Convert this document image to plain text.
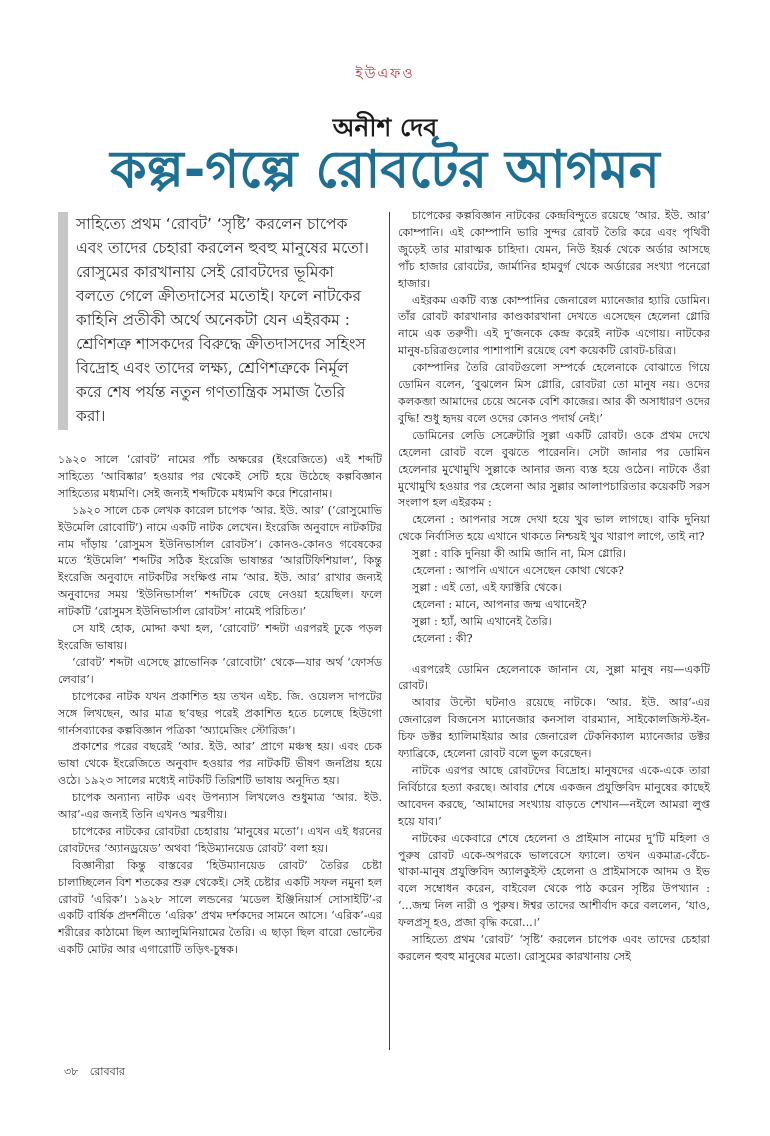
ইউএফও
অনীশ দেব
কল্প-গল্পে রোবটের আগমন

সাহিত্যে প্রথম ‘রোবট’ ‘সৃষ্টি’ করলেন চাপেক এবং তাদের চেহারা করলেন হুবহু মানুষের মতো। রোসুমের কারখানায় সেই রোবটদের ভূমিকা বলতে গেলে ক্রীতদাসের মতোই। ফলে নাটকের কাহিনি প্রতীকী অর্থে অনেকটা যেন এইরকম : শ্রেণিশত্রু শাসকদের বিরুদ্ধে ক্রীতদাসদের সহিংস বিদ্রোহ এবং তাদের লক্ষ্য, শ্রেণিশত্রুকে নির্মূল করে শেষ পর্যন্ত নতুন গণতান্ত্রিক সমাজ তৈরি করা।

১৯২০ সালে ‘রোবট’ নামের পাঁচ অক্ষরের (ইংরেজিতে) এই শব্দটি সাহিত্যে ‘আবিষ্কার’ হওয়ার পর থেকেই সেটি হয়ে উঠেছে কল্পবিজ্ঞান সাহিত্যের মধ্যমণি। সেই জন্যই শব্দটিকে মধ্যমণি করে শিরোনাম।

১৯২০ সালে চেক লেখক কারেল চাপেক ‘আর. ইউ. আর’ (‘রোসুমোভি ইউমেলি রোবোটি’) নামে একটি নাটক লেখেন। ইংরেজি অনুবাদে নাটকটির নাম দাঁড়ায় ‘রোসুমস ইউনিভার্সাল রোবটস’। কোনও-কোনও গবেষকের মতে ‘ইউমেলি’ শব্দটির সঠিক ইংরেজি ভাষান্তর ‘আরটিফিশিয়াল’, কিন্তু ইংরেজি অনুবাদে নাটকটির সংক্ষিপ্ত নাম ‘আর. ইউ. আর’ রাখার জন্যই অনুবাদের সময় ‘ইউনিভার্সাল’ শব্দটিকে বেছে নেওয়া হয়েছিল। ফলে নাটকটি ‘রোসুমস ইউনিভার্সাল রোবটস’ নামেই পরিচিত।’

সে যাই হোক, মোদ্দা কথা হল, ‘রোবোট’ শব্দটা এরপরই ঢুকে পড়ল ইংরেজি ভাষায়।

‘রোবট’ শব্দটা এসেছে স্লাভোনিক ‘রোবোটা’ থেকে—যার অর্থ ‘ফোর্সড লেবার’।

চাপেকের নাটক যখন প্রকাশিত হয় তখন এইচ. জি. ওয়েলস দাপটের সঙ্গে লিখছেন, আর মাত্র ছ’বছর পরেই প্রকাশিত হতে চলেছে হিউগো গার্নসব্যাকের কল্পবিজ্ঞান পত্রিকা ‘অ্যামেজিং স্টোরিজ’।

প্রকাশের পরের বছরেই ‘আর. ইউ. আর’ প্রাগে মঞ্চস্থ হয়। এবং চেক ভাষা থেকে ইংরেজিতে অনুবাদ হওয়ার পর নাটকটি ভীষণ জনপ্রিয় হয়ে ওঠে। ১৯২৩ সালের মধ্যেই নাটকটি তিরিশটি ভাষায় অনূদিত হয়।

চাপেক অন্যান্য নাটক এবং উপন্যাস লিখলেও শুধুমাত্র ‘আর. ইউ. আর’-এর জন্যই তিনি এখনও স্মরণীয়।

চাপেকের নাটকের রোবটরা চেহারায় ‘মানুষের মতো’। এখন এই ধরনের রোবটদের ‘অ্যানড্রয়েড’ অথবা ‘হিউম্যানয়েড রোবট’ বলা হয়।

বিজ্ঞানীরা কিন্তু বাস্তবের ‘হিউম্যানয়েড রোবট’ তৈরির চেষ্টা চালাচ্ছিলেন বিশ শতকের শুরু থেকেই। সেই চেষ্টার একটি সফল নমুনা হল রোবট ‘এরিক’। ১৯২৮ সালে লন্ডনের ‘মডেল ইঞ্জিনিয়ার্স সোসাইটি’-র একটি বার্ষিক প্রদর্শনীতে ‘এরিক’ প্রথম দর্শকদের সামনে আসে। ‘এরিক’-এর শরীরের কাঠামো ছিল অ্যালুমিনিয়ামের তৈরি। এ ছাড়া ছিল বারো ভোল্টের একটি মোটর আর এগারোটি তড়িৎ-চুম্বক।

চাপেকের কল্পবিজ্ঞান নাটকের কেন্দ্রবিন্দুতে রয়েছে ‘আর. ইউ. আর’ কোম্পানি। এই কোম্পানি ভারি সুন্দর রোবট তৈরি করে এবং পৃথিবী জুড়েই তার মারাত্মক চাহিদা। যেমন, নিউ ইয়র্ক থেকে অর্ডার আসছে পাঁচ হাজার রোবটের, জার্মানির হামবুর্গ থেকে অর্ডারের সংখ্যা পনেরো হাজার।

এইরকম একটি ব্যস্ত কোম্পানির জেনারেল ম্যানেজার হ্যারি ডোমিন। তাঁর রোবট কারখানার কাণ্ডকারখানা দেখতে এসেছেন হেলেনা গ্লোরি নামে এক তরুণী। এই দু’জনকে কেন্দ্র করেই নাটক এগোয়। নাটকের মানুষ-চরিত্রগুলোর পাশাপাশি রয়েছে বেশ কয়েকটি রোবট-চরিত্র।

কোম্পানির তৈরি রোবটগুলো সম্পর্কে হেলেনাকে বোঝাতে গিয়ে ডোমিন বলেন, ‘বুঝলেন মিস গ্লোরি, রোবটরা তো মানুষ নয়। ওদের কলকব্জা আমাদের চেয়ে অনেক বেশি কাজের। আর কী অসাধারণ ওদের বুদ্ধি! শুধু হৃদয় বলে ওদের কোনও পদার্থ নেই।’

ডোমিনের লেডি সেক্রেটারি সুল্লা একটি রোবট। ওকে প্রথম দেখে হেলেনা রোবট বলে বুঝতে পারেননি। সেটা জানার পর ডোমিন হেলেনার মুখোমুখি সুল্লাকে আনার জন্য ব্যস্ত হয়ে ওঠেন। নাটকে ওঁরা মুখোমুখি হওয়ার পর হেলেনা আর সুল্লার আলাপচারিতার কয়েকটি সরস সংলাপ হল এইরকম :

হেলেনা : আপনার সঙ্গে দেখা হয়ে খুব ভাল লাগছে। বাকি দুনিয়া থেকে নির্বাসিত হয়ে এখানে থাকতে নিশ্চয়ই খুব খারাপ লাগে, তাই না?

সুল্লা : বাকি দুনিয়া কী আমি জানি না, মিস গ্লোরি।

হেলেনা : আপনি এখানে এসেছেন কোথা থেকে?

সুল্লা : এই তো, এই ফ্যাক্টরি থেকে।

হেলেনা : মানে, আপনার জন্ম এখানেই?

সুল্লা : হ্যাঁ, আমি এখানেই তৈরি।

হেলেনা : কী?

এরপরেই ডোমিন হেলেনাকে জানান যে, সুল্লা মানুষ নয়—একটি রোবট।

আবার উল্টো ঘটনাও রয়েছে নাটকে। ‘আর. ইউ. আর’-এর জেনারেল বিজনেস ম্যানেজার কনসাল বারম্যান, সাইকোলজিস্ট-ইন-চিফ ডক্টর হ্যালিমাইয়ার আর জেনারেল টেকনিক্যাল ম্যানেজার ডক্টর ফ্যাব্রিকে, হেলেনা রোবট বলে ভুল করেছেন।

নাটকে এরপর আছে রোবটদের বিদ্রোহ। মানুষদের একে-একে তারা নির্বিচারে হত্যা করছে। আবার শেষে একজন প্রযুক্তিবিদ মানুষের কাছেই আবেদন করছে, ‘আমাদের সংখ্যায় বাড়তে শেখান—নইলে আমরা লুপ্ত হয়ে যাব।’

নাটকের একেবারে শেষে হেলেনা ও প্রাইমাস নামের দু’টি মহিলা ও পুরুষ রোবট একে-অপরকে ভালবেসে ফ্যালে। তখন একমাত্র-বেঁচে-থাকা-মানুষ প্রযুক্তিবিদ অ্যালকুইস্ট হেলেনা ও প্রাইমাসকে আদম ও ইভ বলে সম্বোধন করেন, বাইবেল থেকে পাঠ করেন সৃষ্টির উপখ্যান : ‘...জন্ম নিল নারী ও পুরুষ। ঈশ্বর তাদের আশীর্বাদ করে বললেন, ‘যাও, ফলপ্রসূ হও, প্রজা বৃদ্ধি করো...।’

সাহিত্যে প্রথম ‘রোবট’ ‘সৃষ্টি’ করলেন চাপেক এবং তাদের চেহারা করলেন হুবহু মানুষের মতো। রোসুমের কারখানায় সেই

৩৮ রোববার
